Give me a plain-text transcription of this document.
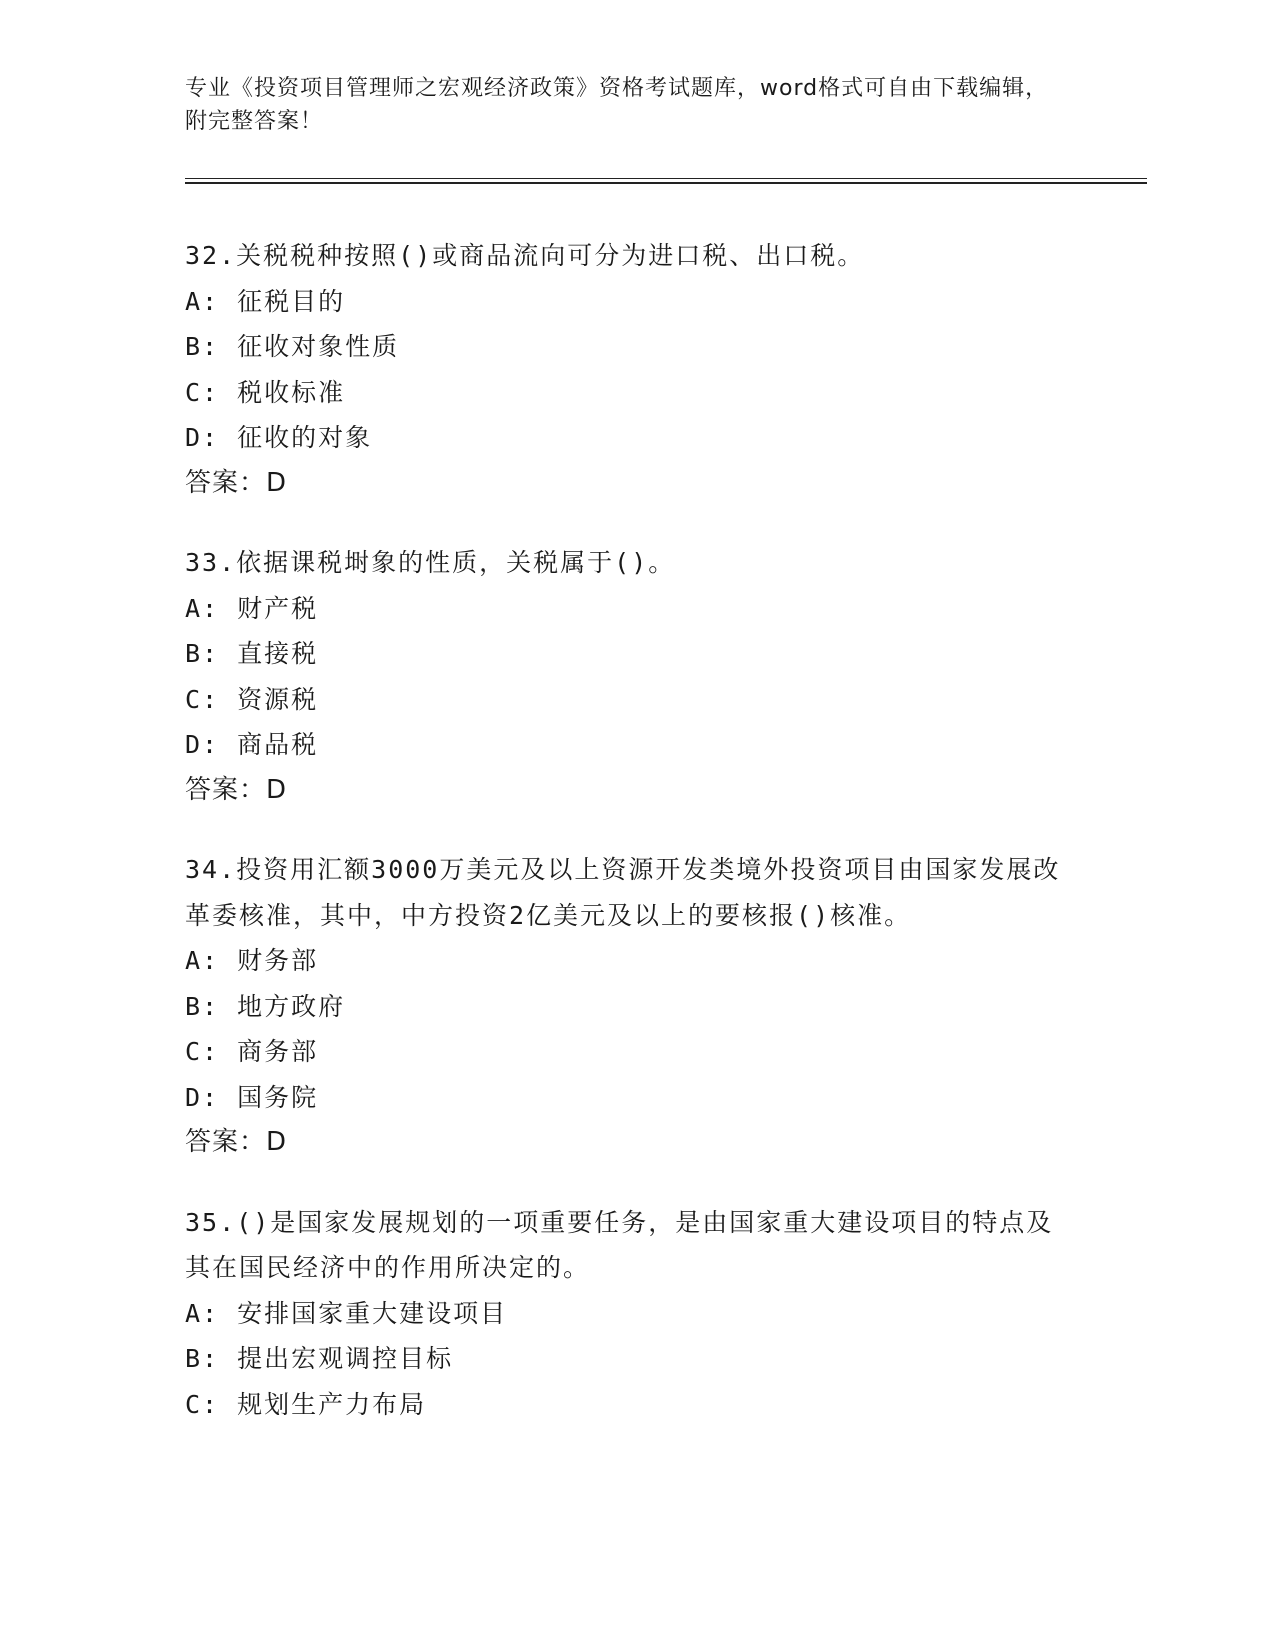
专业《投资项目管理师之宏观经济政策》资格考试题库，word格式可自由下载编辑，附完整答案！
32.关税税种按照()或商品流向可分为进口税、出口税。
A: 征税目的
B: 征收对象性质
C: 税收标准
D: 征收的对象
答案：D
33.依据课税埘象的性质，关税属于()。
A: 财产税
B: 直接税
C: 资源税
D: 商品税
答案：D
34.投资用汇额3000万美元及以上资源开发类境外投资项目由国家发展改革委核准，其中，中方投资2亿美元及以上的要核报()核准。
A: 财务部
B: 地方政府
C: 商务部
D: 国务院
答案：D
35.()是国家发展规划的一项重要任务，是由国家重大建设项目的特点及其在国民经济中的作用所决定的。
A: 安排国家重大建设项目
B: 提出宏观调控目标
C: 规划生产力布局
